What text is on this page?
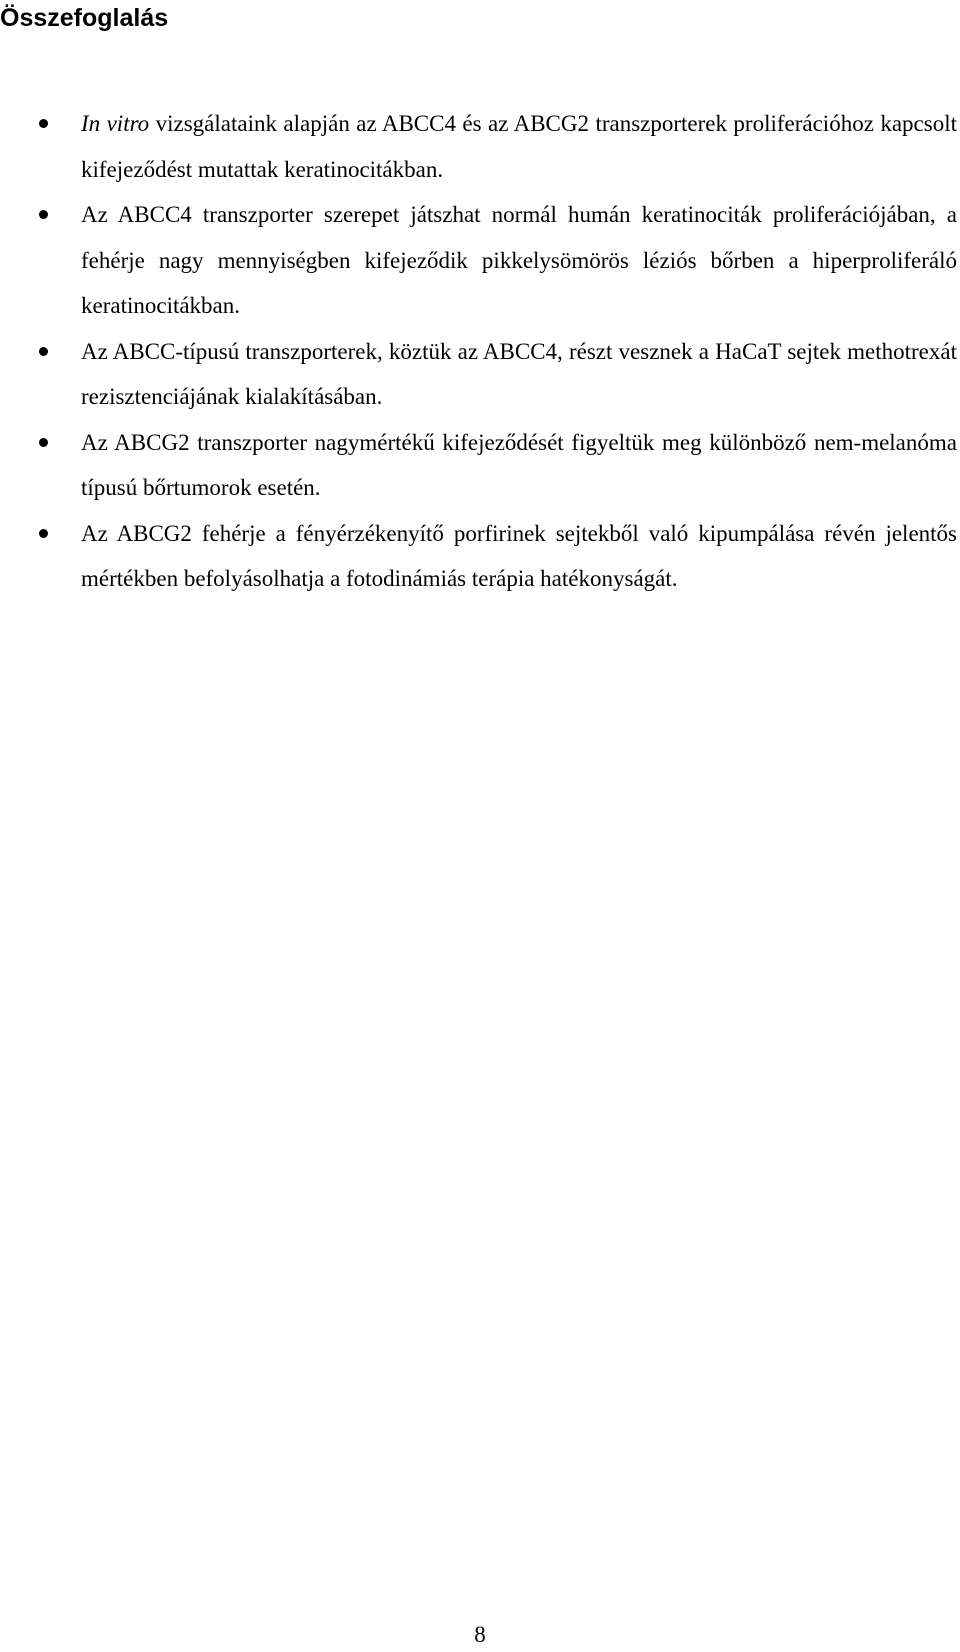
Összefoglalás
In vitro vizsgálataink alapján az ABCC4 és az ABCG2 transzporterek proliferációhoz kapcsolt kifejeződést mutattak keratinocitákban.
Az ABCC4 transzporter szerepet játszhat normál humán keratinociták proliferációjában, a fehérje nagy mennyiségben kifejeződik pikkelysömörös léziós bőrben a hiperproliferáló keratinocitákban.
Az ABCC-típusú transzporterek, köztük az ABCC4, részt vesznek a HaCaT sejtek methotrexát rezisztenciájának kialakításában.
Az ABCG2 transzporter nagymértékű kifejeződését figyeltük meg különböző nem-melanóma típusú bőrtumorok esetén.
Az ABCG2 fehérje a fényérzékenyítő porfirinek sejtekből való kipumpálása révén jelentős mértékben befolyásolhatja a fotodinámiás terápia hatékonyságát.
8
